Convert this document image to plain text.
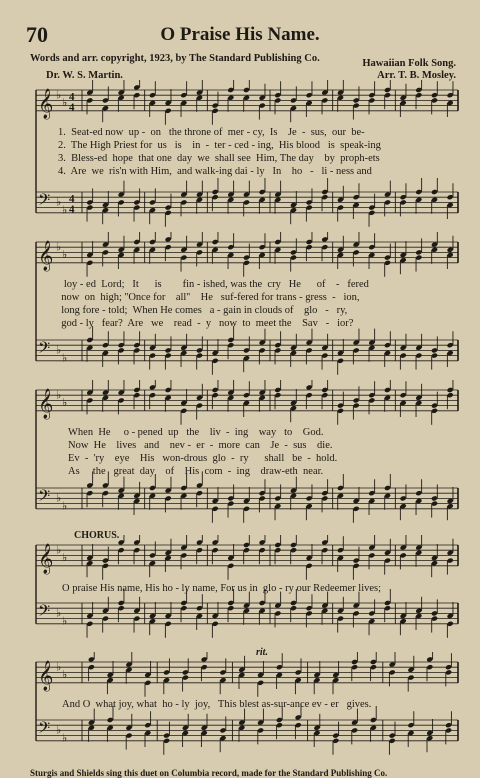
70	O Praise His Name.
Words and arr. copyright, 1923, by The Standard Publishing Co.	Hawaiian Folk Song.
Dr. W. S. Martin.	Arr. T. B. Mosley.
𝄞 ♭
♭
4
4
𝄢 ♭
♭
4
4
1.  Seat-ed now  up -  on   the throne of  mer - cy,  Is    Je  -  sus,  our  be-
2.  The High Priest for  us   is    in  -  ter - ced - ing,  His blood   is  speak-ing
3.  Bless-ed  hope  that one  day  we  shall see  Him, The day    by  proph-ets
4.  Are  we  ris'n with Him,  and walk-ing dai - ly   In    ho   -   li - ness and
𝄞 ♭
♭
𝄢 ♭
♭
loy - ed  Lord;   It      is        fin - ished, was the  cry   He      of    -   fered
now  on  high; ''Once for    all''    He   suf-fered for trans - gress  -   ion,
long fore - told;  When He comes   a - gain in clouds of    glo   -   ry,
god - ly   fear?  Are   we    read  -  y   now  to  meet the    Sav   -   ior?
𝄞 ♭
♭
𝄢 ♭
♭
When  He     o - pened  up   the    liv  -  ing    way   to    God.
Now  He    lives   and    nev -  er  -  more  can    Je  -  sus    die.
Ev  -  'ry    eye    His   won-drous  glo  -  ry      shall   be  -  hold.
As     the   great  day    of    His  com  -  ing    draw-eth  near.
CHORUS.
𝄞 ♭
♭
𝄢 ♭
♭
O praise His name, His ho - ly name, For us in  glo - ry our Redeemer lives;
rit.
𝄞 ♭
♭
𝄢 ♭
♭
And O  what joy, what  ho - ly  joy,   This blest as-sur-ance ev - er   gives.
Sturgis and Shields sing this duet on Columbia record, made for the Standard Publishing Co.
